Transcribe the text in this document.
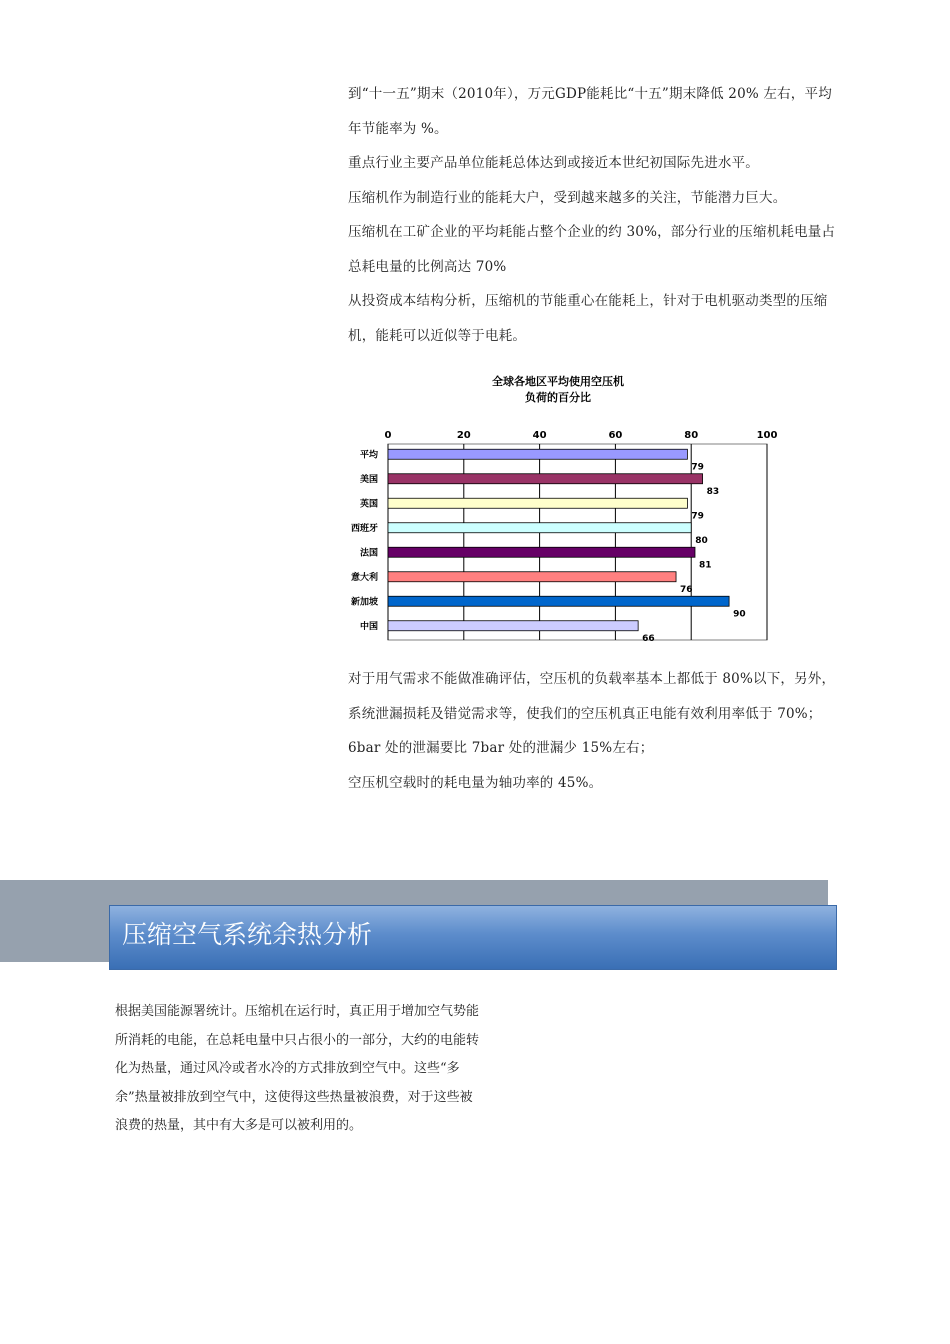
到“十一五”期末（2010年），万元GDP能耗比“十五”期末降低 20% 左右，平均年节能率为 %。

重点行业主要产品单位能耗总体达到或接近本世纪初国际先进水平。

压缩机作为制造行业的能耗大户，受到越来越多的关注，节能潜力巨大。

压缩机在工矿企业的平均耗能占整个企业的约 30%，部分行业的压缩机耗电量占总耗电量的比例高达 70%

从投资成本结构分析，压缩机的节能重心在能耗上，针对于电机驱动类型的压缩机，能耗可以近似等于电耗。

全球各地区平均使用空压机
负荷的百分比
0	20	40	60	80	100
平均
79
美国
83
英国
79
西班牙
80
法国
81
意大利
76
新加坡
90
中国
66

对于用气需求不能做准确评估，空压机的负载率基本上都低于 80%以下，另外，系统泄漏损耗及错觉需求等，使我们的空压机真正电能有效利用率低于 70%；

6bar 处的泄漏要比 7bar 处的泄漏少 15%左右；

空压机空载时的耗电量为轴功率的 45%。

压缩空气系统余热分析

根据美国能源署统计。压缩机在运行时，真正用于增加空气势能所消耗的电能，在总耗电量中只占很小的一部分，大约的电能转化为热量，通过风冷或者水冷的方式排放到空气中。这些“多余”热量被排放到空气中，这使得这些热量被浪费，对于这些被浪费的热量，其中有大多是可以被利用的。
